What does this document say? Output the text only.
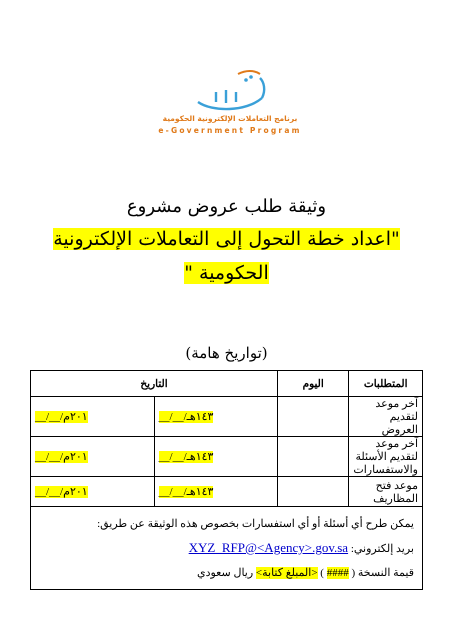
برنامج التعاملات الإلكترونية الحكومية
e-Government Program
وثيقة طلب عروض مشروع
"اعداد خطة التحول إلى التعاملات الإلكترونية
الحكومية "
(تواريخ هامة)
المتطلبات	اليوم	التاريخ	
آخر موعد لتقديم العروض		__/__/١٤٣هـ	__/__/٢٠١م
آخر موعد لتقديم الأسئلة والاستفسارات		__/__/١٤٣هـ	__/__/٢٠١م
موعد فتح المظاريف		__/__/١٤٣هـ	__/__/٢٠١م

يمكن طرح أي أسئلة أو أي استفسارات بخصوص هذه الوثيقة عن طريق:
بريد إلكتروني: XYZ_RFP@<Agency>.gov.sa
قيمة النسخة ( #### ) <المبلغ كتابة> ريال سعودي			
